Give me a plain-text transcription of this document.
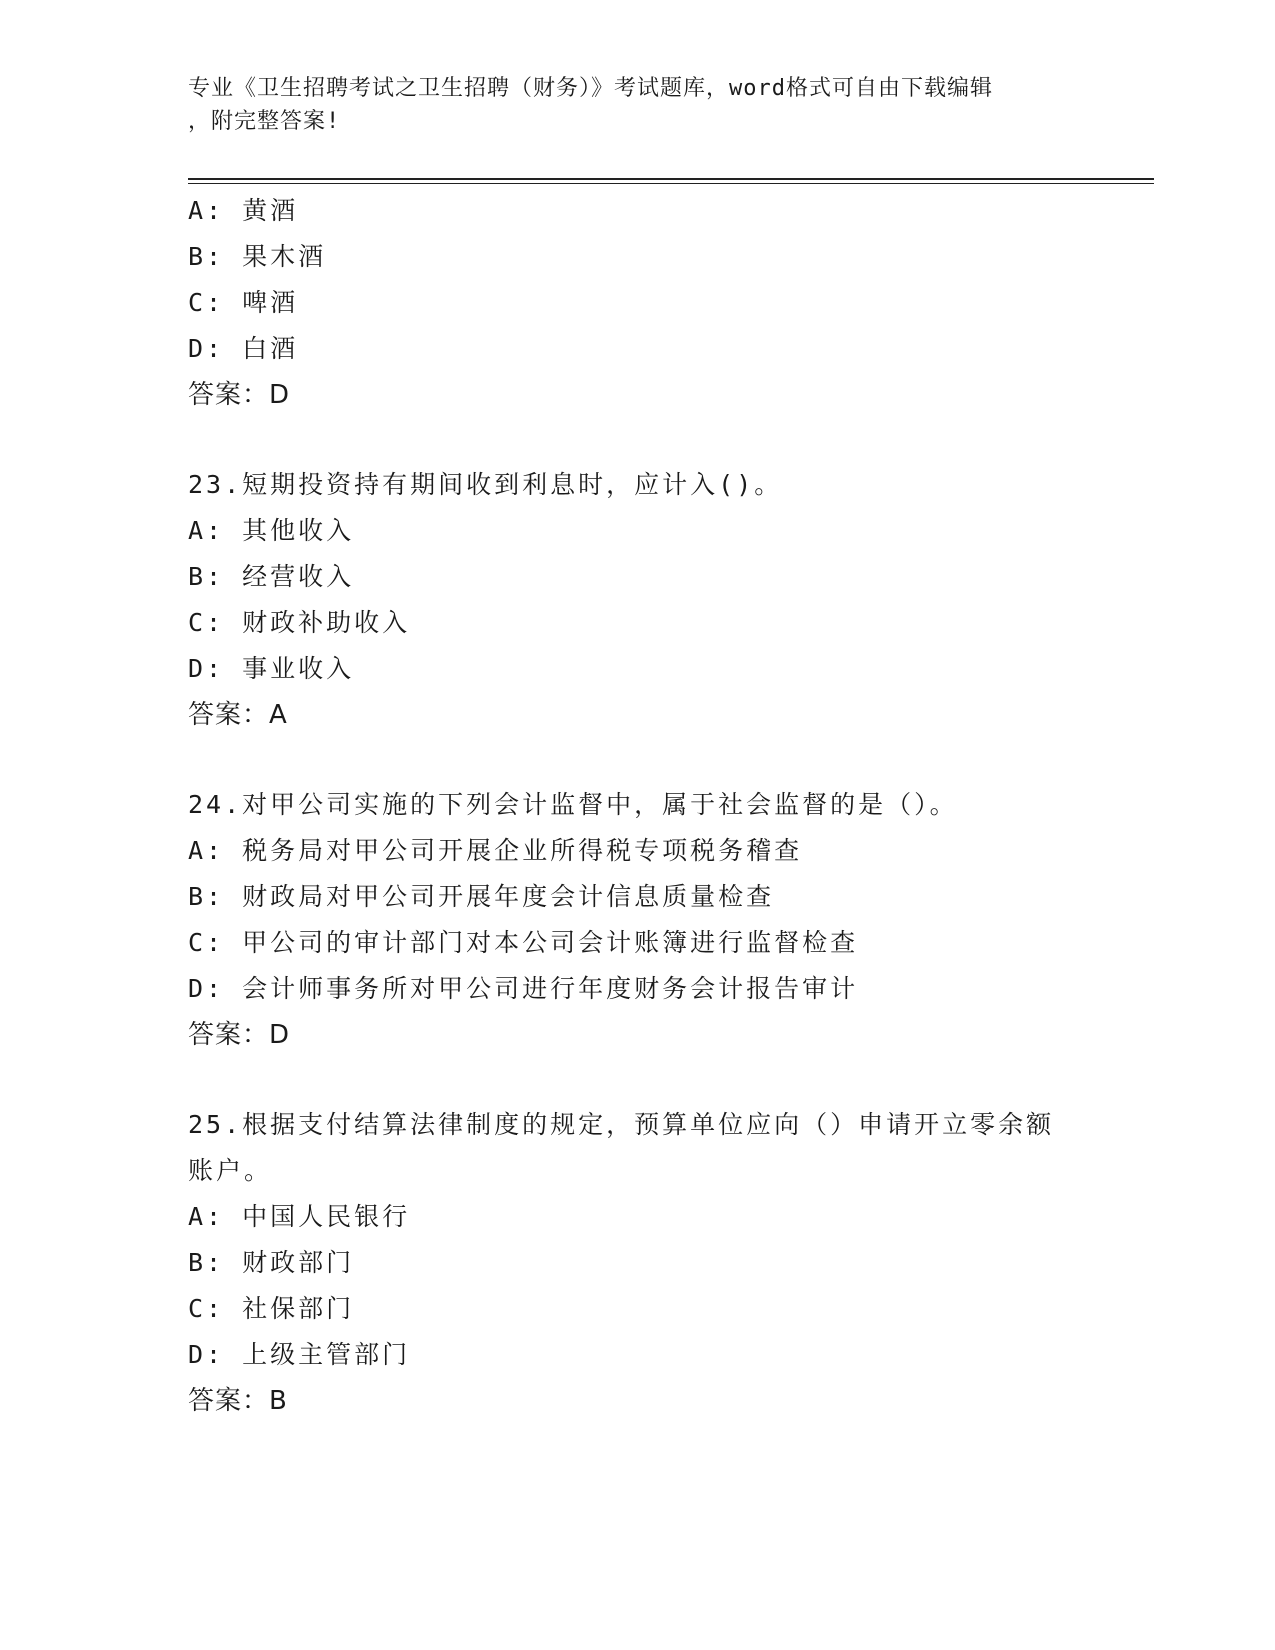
专业《卫生招聘考试之卫生招聘（财务）》考试题库，word格式可自由下载编辑
，附完整答案!
A: 黄酒
B: 果木酒
C: 啤酒
D: 白酒
答案：D
23.短期投资持有期间收到利息时，应计入()。
A: 其他收入
B: 经营收入
C: 财政补助收入
D: 事业收入
答案：A
24.对甲公司实施的下列会计监督中，属于社会监督的是（）。
A: 税务局对甲公司开展企业所得税专项税务稽查
B: 财政局对甲公司开展年度会计信息质量检查
C: 甲公司的审计部门对本公司会计账簿进行监督检查
D: 会计师事务所对甲公司进行年度财务会计报告审计
答案：D
25.根据支付结算法律制度的规定，预算单位应向（）申请开立零余额
账户。
A: 中国人民银行
B: 财政部门
C: 社保部门
D: 上级主管部门
答案：B
